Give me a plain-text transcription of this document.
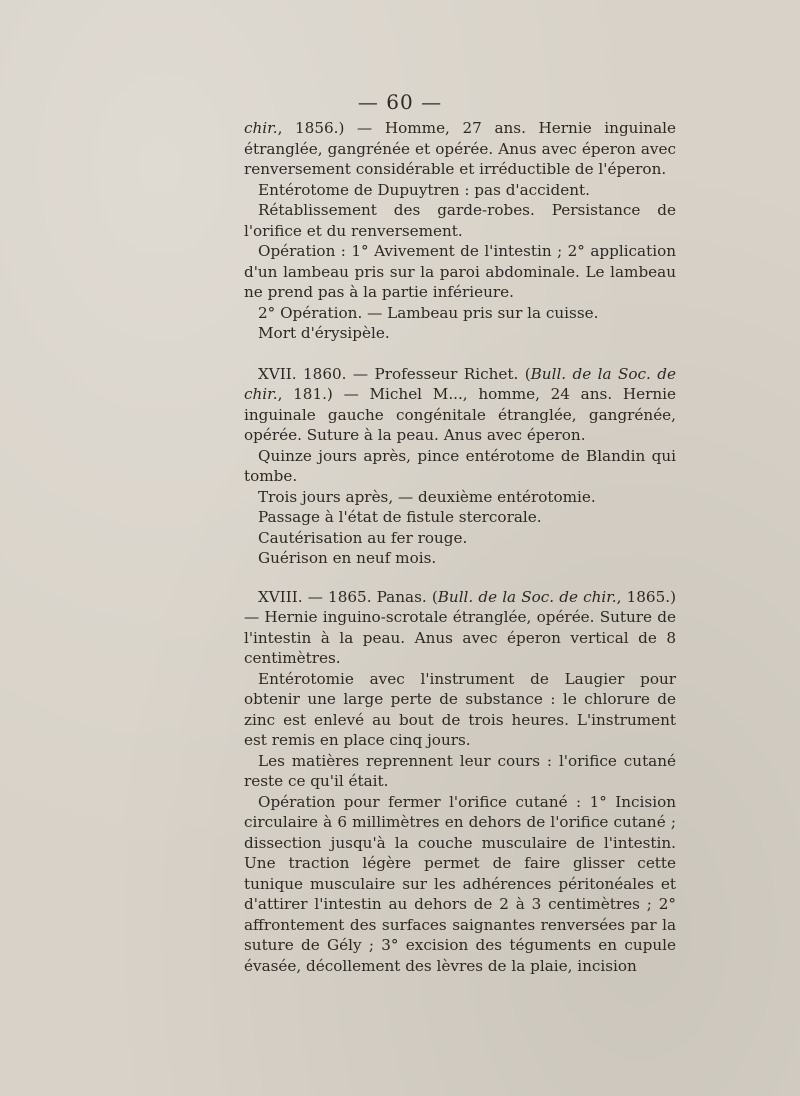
— 60 —

chir., 1856.) — Homme, 27 ans. Hernie inguinale étranglée, gangrénée et opérée. Anus avec éperon avec renversement considérable et irréductible de l'éperon.

Entérotome de Dupuytren : pas d'accident.

Rétablissement des garde-robes. Persistance de l'orifice et du renversement.

Opération : 1° Avivement de l'intestin ; 2° application d'un lambeau pris sur la paroi abdominale. Le lambeau ne prend pas à la partie inférieure.

2° Opération. — Lambeau pris sur la cuisse.

Mort d'érysipèle.

XVII. 1860. — Professeur Richet. (Bull. de la Soc. de chir., 181.) — Michel M..., homme, 24 ans. Hernie inguinale gauche congénitale étranglée, gangrénée, opérée. Suture à la peau. Anus avec éperon.

Quinze jours après, pince entérotome de Blandin qui tombe.

Trois jours après, — deuxième entérotomie.

Passage à l'état de fistule stercorale.

Cautérisation au fer rouge.

Guérison en neuf mois.

XVIII. — 1865. Panas. (Bull. de la Soc. de chir., 1865.) — Hernie inguino-scrotale étranglée, opérée. Suture de l'intestin à la peau. Anus avec éperon vertical de 8 centimètres.

Entérotomie avec l'instrument de Laugier pour obtenir une large perte de substance : le chlorure de zinc est enlevé au bout de trois heures. L'instrument est remis en place cinq jours.

Les matières reprennent leur cours : l'orifice cutané reste ce qu'il était.

Opération pour fermer l'orifice cutané : 1° Incision circulaire à 6 millimètres en dehors de l'orifice cutané ; dissection jusqu'à la couche musculaire de l'intestin. Une traction légère permet de faire glisser cette tunique musculaire sur les adhérences péritonéales et d'attirer l'intestin au dehors de 2 à 3 centimètres ; 2° affrontement des surfaces saignantes renversées par la suture de Gély ; 3° excision des téguments en cupule évasée, décollement des lèvres de la plaie, incision
